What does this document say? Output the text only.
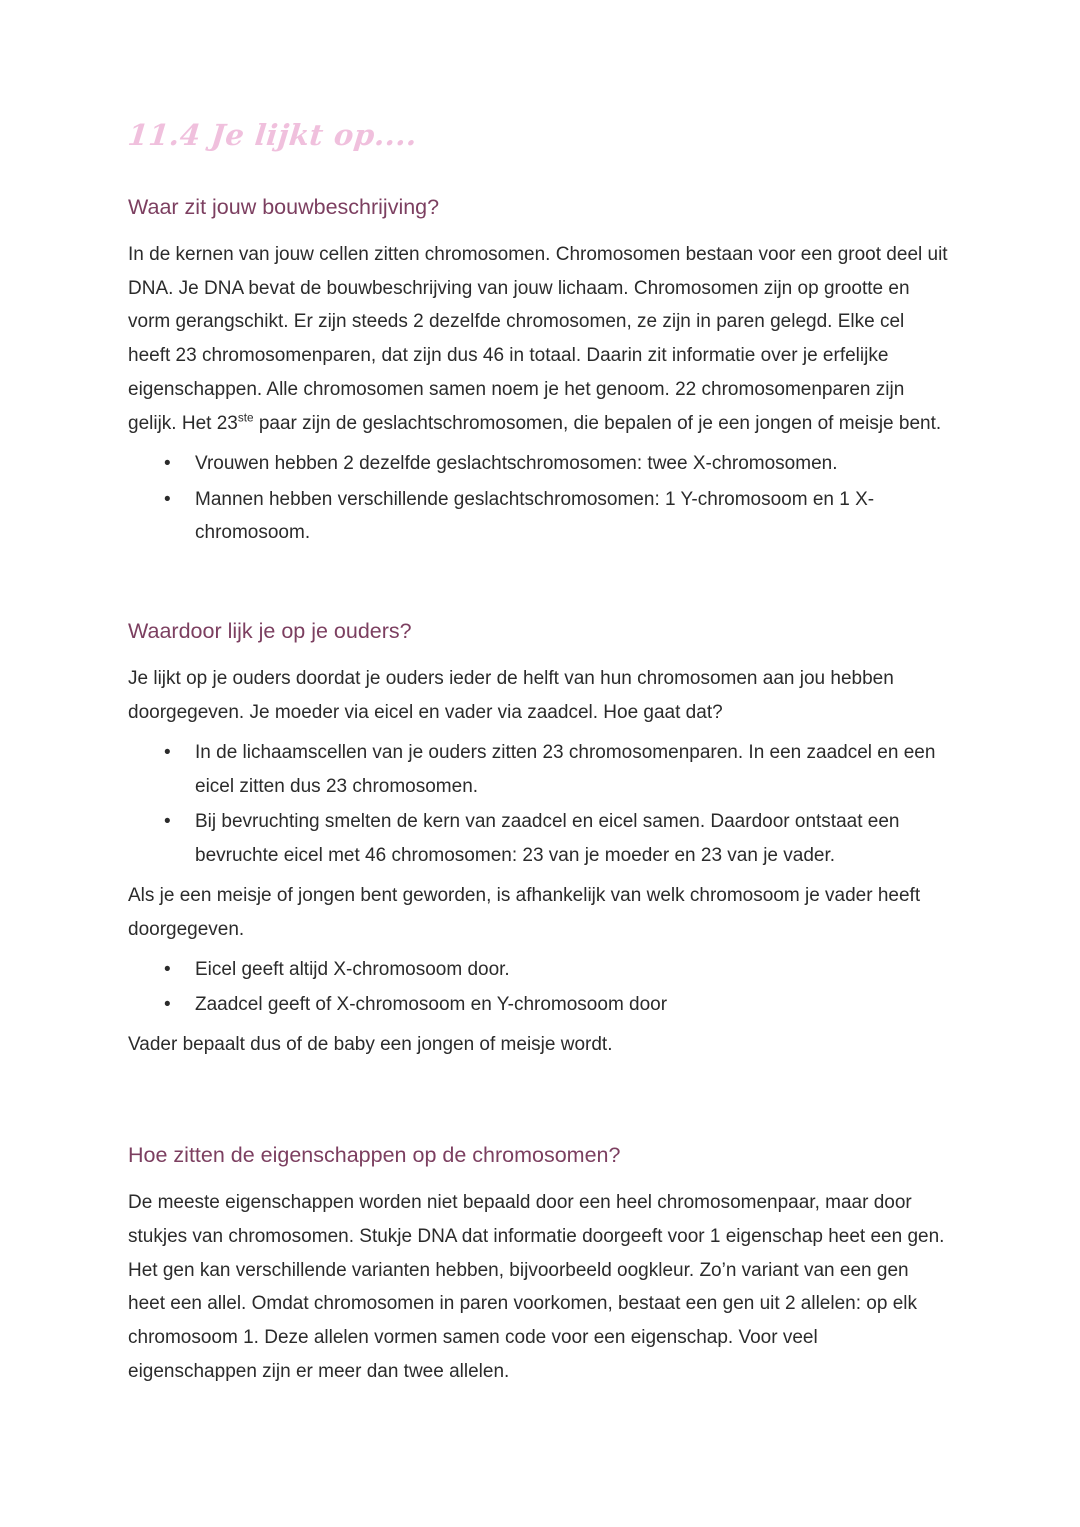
11.4 Je lijkt op....
Waar zit jouw bouwbeschrijving?

In de kernen van jouw cellen zitten chromosomen. Chromosomen bestaan voor een groot deel uit DNA. Je DNA bevat de bouwbeschrijving van jouw lichaam. Chromosomen zijn op grootte en vorm gerangschikt. Er zijn steeds 2 dezelfde chromosomen, ze zijn in paren gelegd. Elke cel heeft 23 chromosomenparen, dat zijn dus 46 in totaal. Daarin zit informatie over je erfelijke eigenschappen. Alle chromosomen samen noem je het genoom. 22 chromosomenparen zijn gelijk. Het 23ste paar zijn de geslachtschromosomen, die bepalen of je een jongen of meisje bent.

• Vrouwen hebben 2 dezelfde geslachtschromosomen: twee X-chromosomen.
• Mannen hebben verschillende geslachtschromosomen: 1 Y-chromosoom en 1 X-chromosoom.
Waardoor lijk je op je ouders?

Je lijkt op je ouders doordat je ouders ieder de helft van hun chromosomen aan jou hebben doorgegeven. Je moeder via eicel en vader via zaadcel. Hoe gaat dat?

• In de lichaamscellen van je ouders zitten 23 chromosomenparen. In een zaadcel en een eicel zitten dus 23 chromosomen.
• Bij bevruchting smelten de kern van zaadcel en eicel samen. Daardoor ontstaat een bevruchte eicel met 46 chromosomen: 23 van je moeder en 23 van je vader.

Als je een meisje of jongen bent geworden, is afhankelijk van welk chromosoom je vader heeft doorgegeven.

• Eicel geeft altijd X-chromosoom door.
• Zaadcel geeft of X-chromosoom en Y-chromosoom door

Vader bepaalt dus of de baby een jongen of meisje wordt.

Hoe zitten de eigenschappen op de chromosomen?

De meeste eigenschappen worden niet bepaald door een heel chromosomenpaar, maar door stukjes van chromosomen. Stukje DNA dat informatie doorgeeft voor 1 eigenschap heet een gen. Het gen kan verschillende varianten hebben, bijvoorbeeld oogkleur. Zo’n variant van een gen heet een allel. Omdat chromosomen in paren voorkomen, bestaat een gen uit 2 allelen: op elk chromosoom 1. Deze allelen vormen samen code voor een eigenschap. Voor veel eigenschappen zijn er meer dan twee allelen.
